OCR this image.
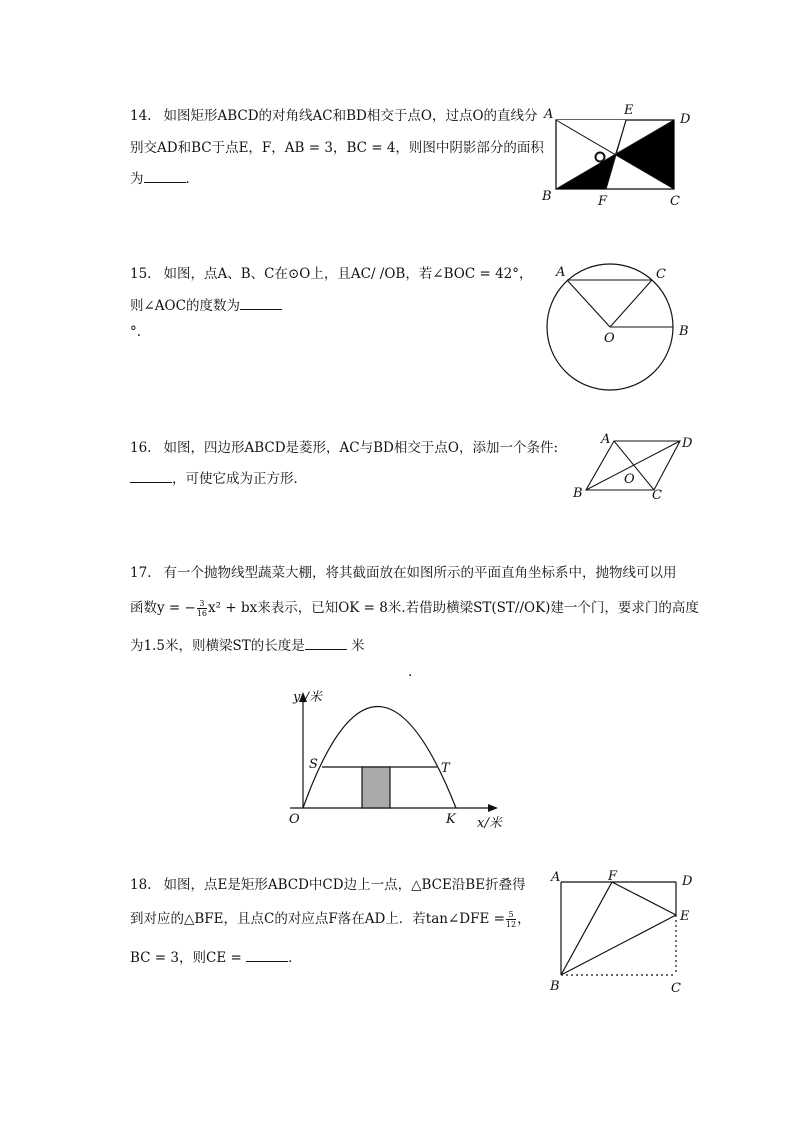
14. 如图矩形ABCD的对角线AC和BD相交于点O，过点O的直线分
别交AD和BC于点E，F，AB = 3，BC = 4，则图中阴影部分的面积
为	．
A	E
D
B	F	C
15. 如图，点A、B、C在⊙O上，且AC/ /OB，若∠BOC = 42°，
则∠AOC的度数为
°.
A	C
B
O
16. 如图，四边形ABCD是菱形，AC与BD相交于点O，添加一个条件:
，可使它成为正方形．
A	D
B	C
O
17. 有一个抛物线型蔬菜大棚，将其截面放在如图所示的平面直角坐标系中，抛物线可以用
函数y = − $\frac{3}{16} x^2$ + bx来表示，已知OK = 8米.若借助横梁ST(ST//OK)建一个门，要求门的高度
为1.5米，则横梁ST的长度是	米
.
y /米
x/米
O	K
S	T
18. 如图，点E是矩形ABCD中CD边上一点，△BCE沿BE折叠得
到对应的△BFE，且点C的对应点F落在AD上．若tan∠DFE = $\frac{5}{12}$ ，
BC = 3，则CE =	．
A	F	D
E
B	C
